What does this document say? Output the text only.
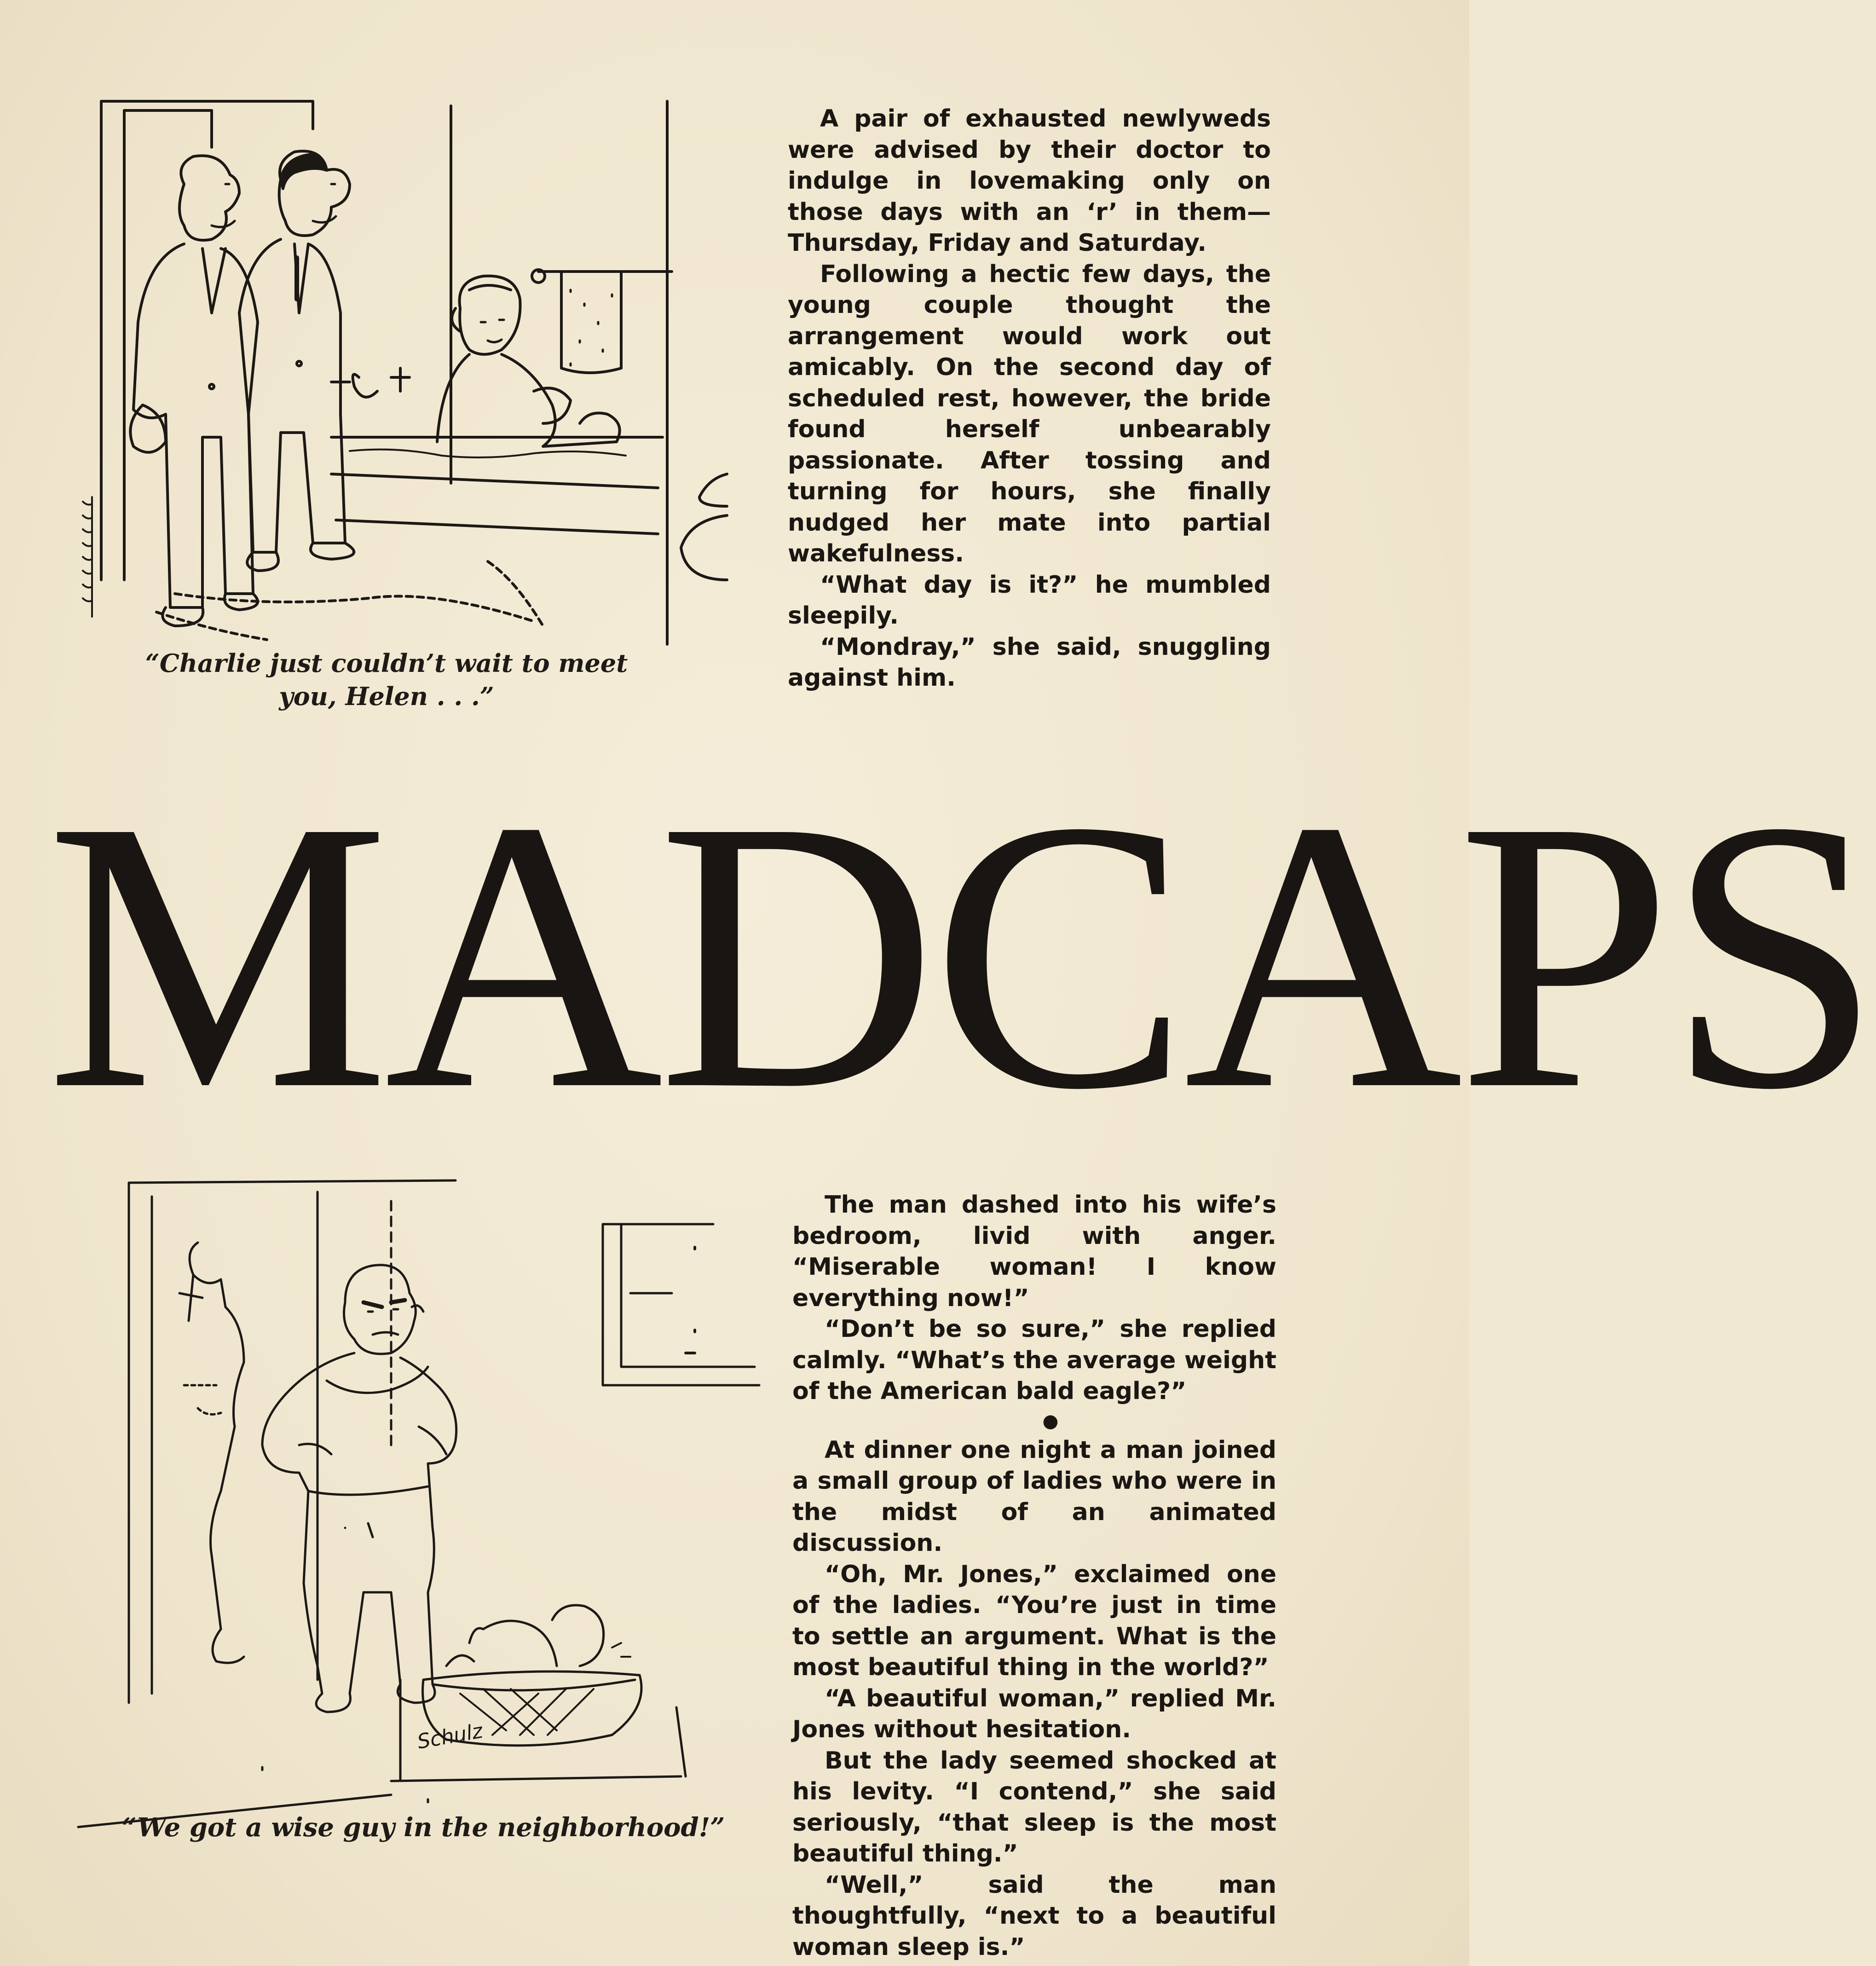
“Charlie just couldn’t wait to meet
you, Helen . . .”

A pair of exhausted newlyweds were advised by their doctor to indulge in lovemaking only on those days with an ‘r’ in them—Thursday, Friday and Saturday.

Following a hectic few days, the young couple thought the arrangement would work out amicably. On the second day of scheduled rest, however, the bride found herself unbearably passionate. After tossing and turning for hours, she finally nudged her mate into partial wakefulness.

“What day is it?” he mumbled sleepily.

“Mondray,” she said, snuggling against him.

MADCAPS
Schulz
“We got a wise guy in the neighborhood!”

The man dashed into his wife’s bedroom, livid with anger. “Miserable woman! I know everything now!”

“Don’t be so sure,” she replied calmly. “What’s the average weight of the American bald eagle?”

●

At dinner one night a man joined a small group of ladies who were in the midst of an animated discussion.

“Oh, Mr. Jones,” exclaimed one of the ladies. “You’re just in time to settle an argument. What is the most beautiful thing in the world?”

“A beautiful woman,” replied Mr. Jones without hesitation.

But the lady seemed shocked at his levity. “I contend,” she said seriously, “that sleep is the most beautiful thing.”

“Well,” said the man thoughtfully, “next to a beautiful woman sleep is.”
